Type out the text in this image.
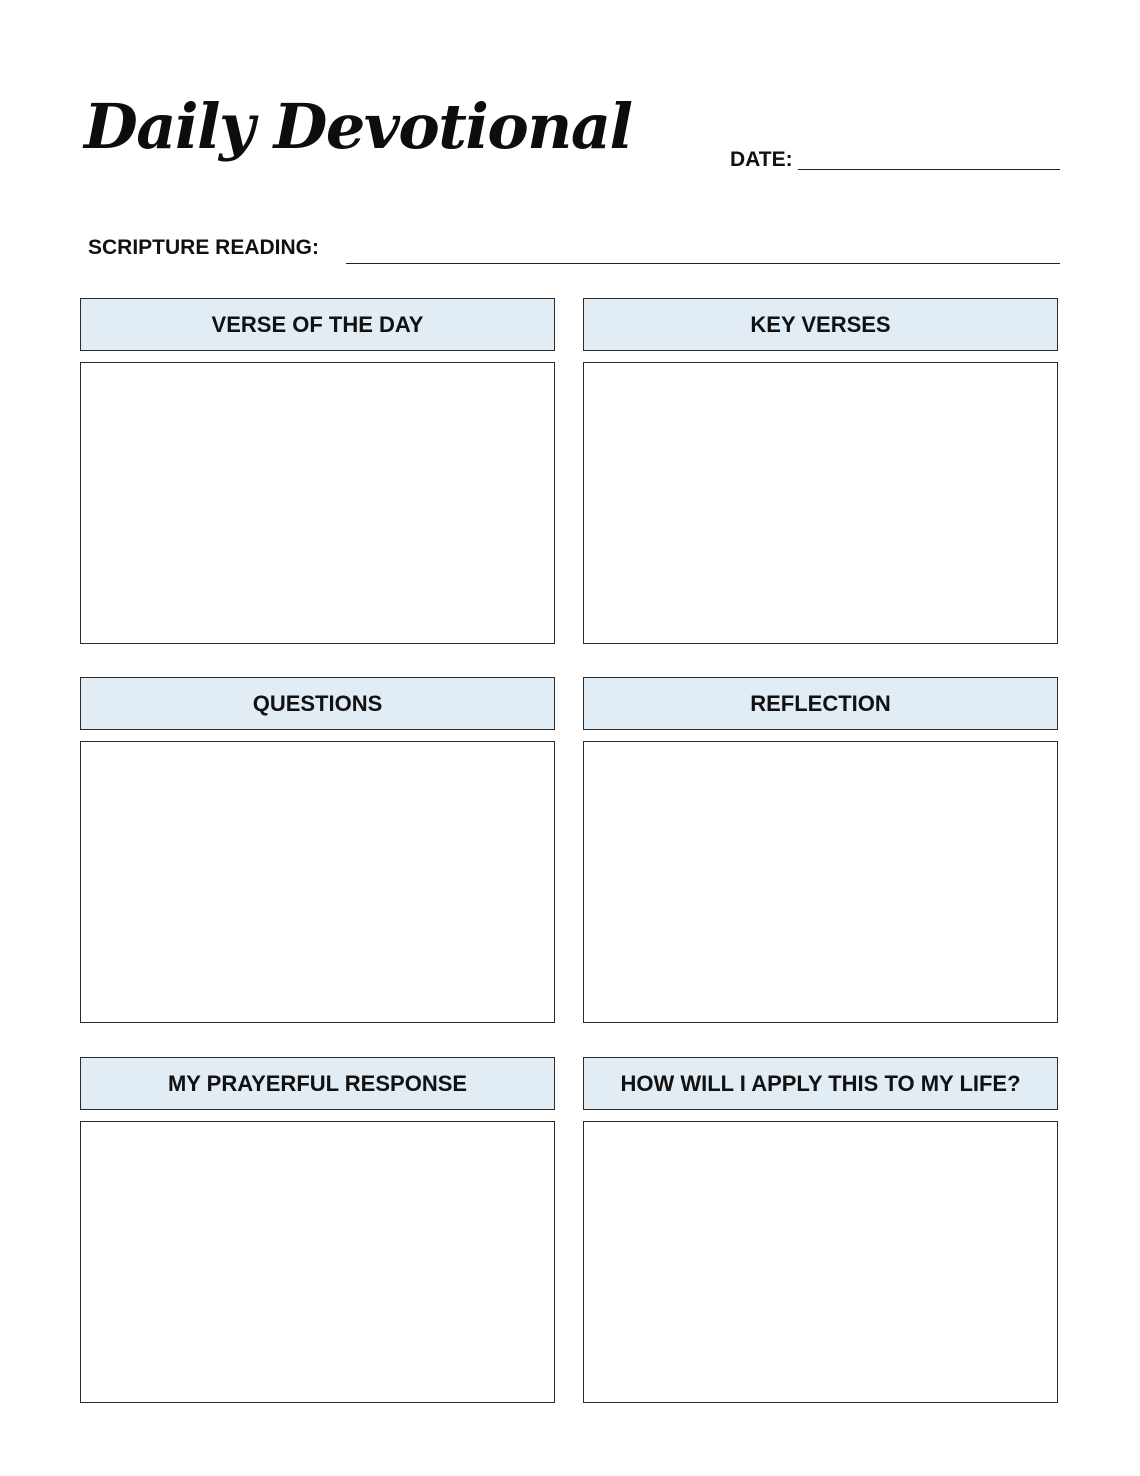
Daily Devotional	DATE:
SCRIPTURE READING:
VERSE OF THE DAY	KEY VERSES
QUESTIONS	REFLECTION
MY PRAYERFUL RESPONSE	HOW WILL I APPLY THIS TO MY LIFE?
